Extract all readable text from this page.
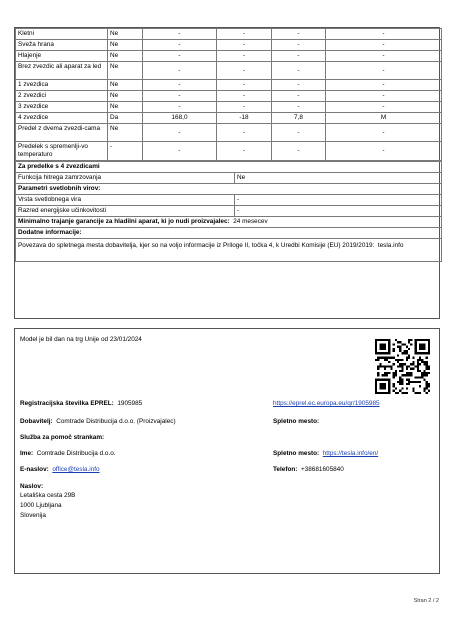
Kletni	Ne	-	-	-	-
Sveža hrana	Ne	-	-	-	-
Hlajenje	Ne	-	-	-	-
Brez zvezdic ali aparat za led	Ne	-	-	-	-
1 zvezdica	Ne	-	-	-	-
2 zvezdici	Ne	-	-	-	-
3 zvezdice	Ne	-	-	-	-
4 zvezdice	Da	168,0	-18	7,8	M
Predel z dvema zvezdi-cama	Ne	-	-	-	-
Predelek s spremenlji-vo temperaturo	-	-	-	-	-
Za predelke s 4 zvezdicami	
Funkcija hitrega zamrzovanja	Ne
Parametri svetlobnih virov:	
Vrsta svetlobnega vira	-
Razred energijske učinkovitosti	-
Minimalno trajanje garancije za hladilni aparat, ki jo nudi proizvajalec: 24 mesecev	
Dodatne informacije:	
Povezava do spletnega mesta dobavitelja, kjer so na voljo informacije iz Priloge II, točka 4, k Uredbi Komisije (EU) 2019/2019: tesla.info	
Model je bil dan na trg Unije od 23/01/2024
Registracijska številka EPREL: 1905985	https://eprel.ec.europa.eu/qr/1905985
Dobavitelj: Comtrade Distribucija d.o.o. (Proizvajalec)	Spletno mesto:
Služba za pomoč strankam:
Ime: Comtrade Distribucija d.o.o.	Spletno mesto: https://tesla.info/en/
E-naslov: office@tesla.info	Telefon: +38681605840
Naslov:
Letališka cesta 29B
1000 Ljubljana
Slovenija
Stran 2 / 2
